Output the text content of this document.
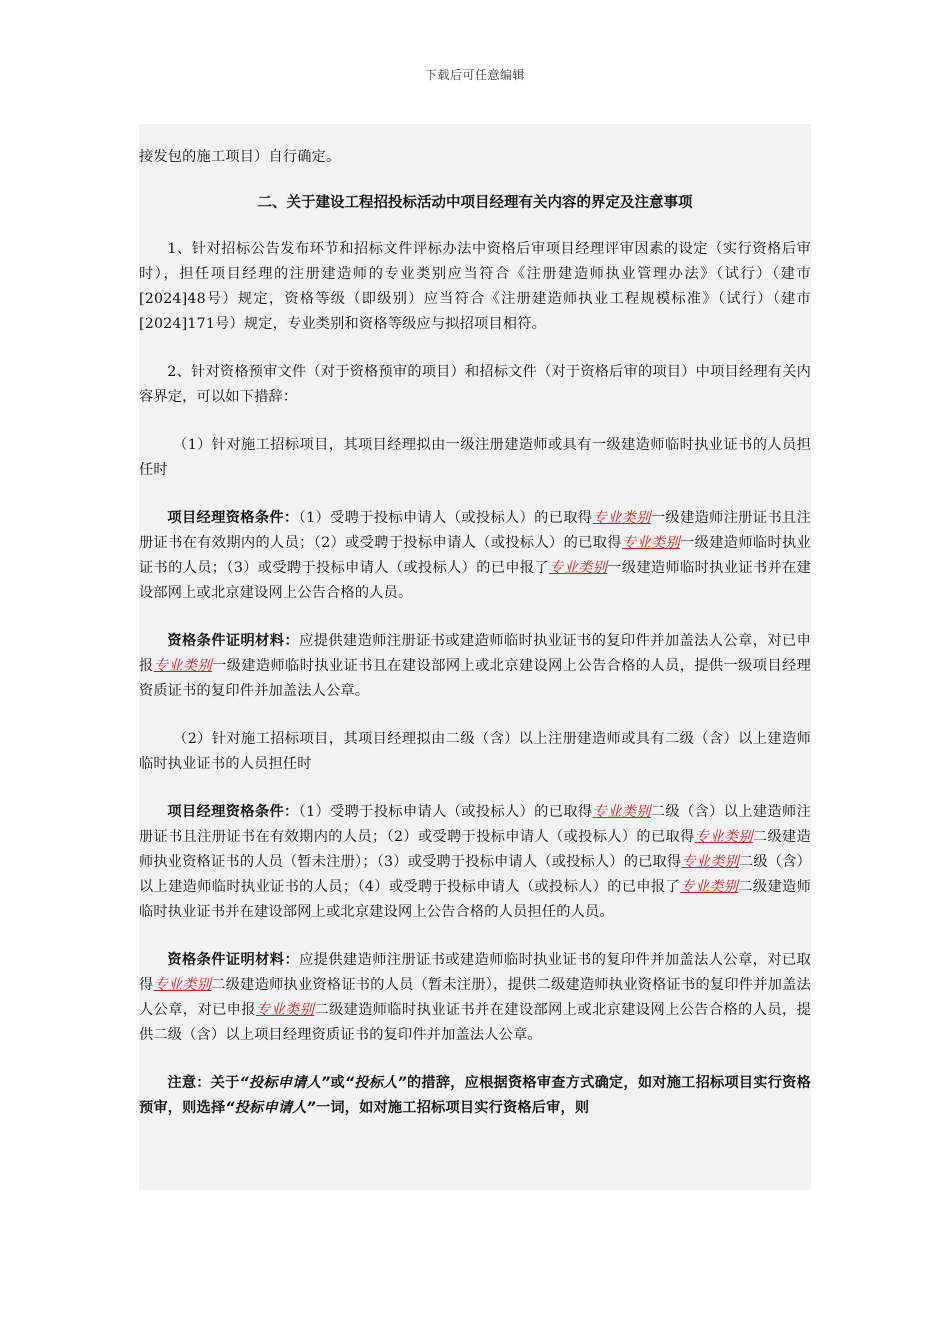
下载后可任意编辑

接发包的施工项目）自行确定。

二、关于建设工程招投标活动中项目经理有关内容的界定及注意事项

1、针对招标公告发布环节和招标文件评标办法中资格后审项目经理评审因素的设定（实行资格后审时），担任项目经理的注册建造师的专业类别应当符合《注册建造师执业管理办法》（试行）（建市[2024]48号）规定，资格等级（即级别）应当符合《注册建造师执业工程规模标准》（试行）（建市[2024]171号）规定，专业类别和资格等级应与拟招项目相符。

2、针对资格预审文件（对于资格预审的项目）和招标文件（对于资格后审的项目）中项目经理有关内容界定，可以如下措辞：

（1）针对施工招标项目，其项目经理拟由一级注册建造师或具有一级建造师临时执业证书的人员担任时

项目经理资格条件：（1）受聘于投标申请人（或投标人）的已取得专业类别一级建造师注册证书且注册证书在有效期内的人员；（2）或受聘于投标申请人（或投标人）的已取得专业类别一级建造师临时执业证书的人员；（3）或受聘于投标申请人（或投标人）的已申报了专业类别一级建造师临时执业证书并在建设部网上或北京建设网上公告合格的人员。

资格条件证明材料：应提供建造师注册证书或建造师临时执业证书的复印件并加盖法人公章，对已申报专业类别一级建造师临时执业证书且在建设部网上或北京建设网上公告合格的人员，提供一级项目经理资质证书的复印件并加盖法人公章。

（2）针对施工招标项目，其项目经理拟由二级（含）以上注册建造师或具有二级（含）以上建造师临时执业证书的人员担任时

项目经理资格条件：（1）受聘于投标申请人（或投标人）的已取得专业类别二级（含）以上建造师注册证书且注册证书在有效期内的人员；（2）或受聘于投标申请人（或投标人）的已取得专业类别二级建造师执业资格证书的人员（暂未注册）；（3）或受聘于投标申请人（或投标人）的已取得专业类别二级（含）以上建造师临时执业证书的人员；（4）或受聘于投标申请人（或投标人）的已申报了专业类别二级建造师临时执业证书并在建设部网上或北京建设网上公告合格的人员担任的人员。

资格条件证明材料：应提供建造师注册证书或建造师临时执业证书的复印件并加盖法人公章，对已取得专业类别二级建造师执业资格证书的人员（暂未注册），提供二级建造师执业资格证书的复印件并加盖法人公章，对已申报专业类别二级建造师临时执业证书并在建设部网上或北京建设网上公告合格的人员，提供二级（含）以上项目经理资质证书的复印件并加盖法人公章。

注意：关于“投标申请人”或“投标人”的措辞，应根据资格审查方式确定，如对施工招标项目实行资格预审，则选择“投标申请人”一词，如对施工招标项目实行资格后审，则
